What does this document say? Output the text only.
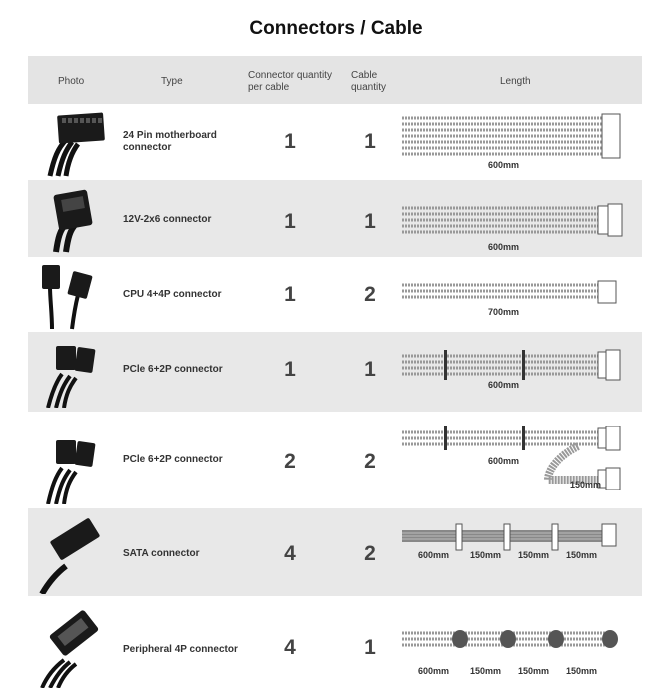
Connectors / Cable
Photo	Type
Connector quantity
per cable
Cable
quantity
Length
24 Pin motherboard
connector	1	1
600mm
12V-2x6 connector	1	1
600mm
CPU 4+4P connector	1	2
700mm
PCle 6+2P connector	1	1
600mm
PCle 6+2P connector	2	2	600mm
150mm
SATA connector	4	2	600mm 150mm 150mm 150mm
Peripheral 4P connector	4	1
600mm 150mm 150mm 150mm
